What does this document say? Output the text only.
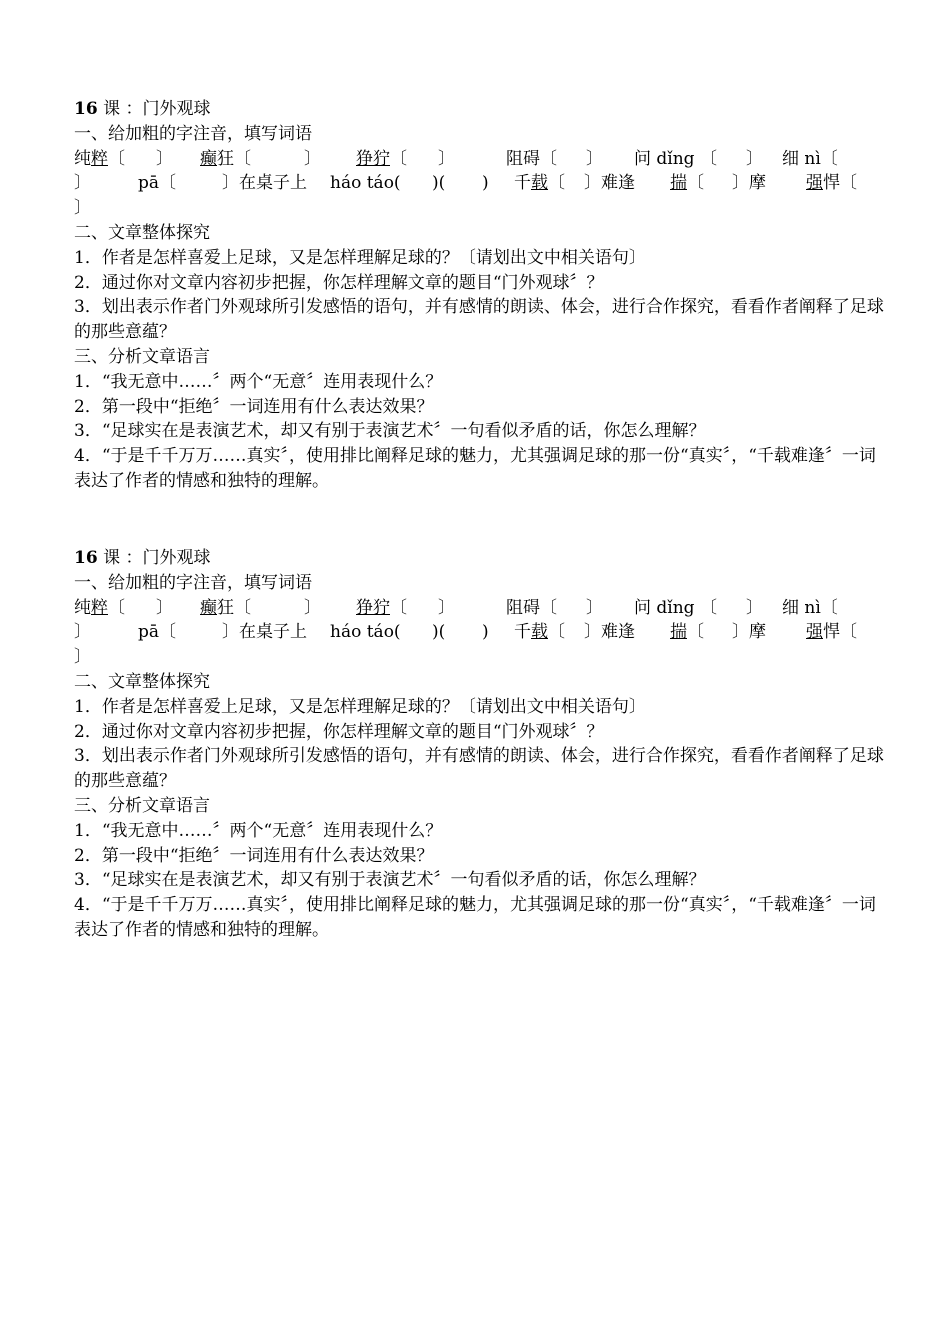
16 课 ：门外观球
一、给加粗的字注音，填写词语
纯粹〔 〕 癫狂〔	〕 狰狞〔 〕	阻碍〔 〕 问 dǐng 〔 〕 细 nì〔
〕	pā〔	〕在桌子上 háo táo( )( ) 千载〔 〕难逢 揣〔 〕摩 强悍〔
〕
二、文章整体探究
1．作者是怎样喜爱上足球，又是怎样理解足球的？〔请划出文中相关语句〕
2．通过你对文章内容初步把握，你怎样理解文章的题目“门外观球〞？
3．划出表示作者门外观球所引发感悟的语句，并有感情的朗读、体会，进行合作探究，看看作者阐释了足球的那些意蕴？
三、分析文章语言
1．“我无意中……〞两个“无意〞连用表现什么？
2．第一段中“拒绝〞一词连用有什么表达效果？
3．“足球实在是表演艺术，却又有别于表演艺术〞一句看似矛盾的话，你怎么理解？
4．“于是千千万万……真实〞，使用排比阐释足球的魅力，尤其强调足球的那一份“真实〞，“千载难逢〞一词表达了作者的情感和独特的理解。
16 课 ：门外观球
一、给加粗的字注音，填写词语
纯粹〔 〕 癫狂〔	〕 狰狞〔 〕	阻碍〔 〕 问 dǐng 〔 〕 细 nì〔
〕	pā〔	〕在桌子上 háo táo( )( ) 千载〔 〕难逢 揣〔 〕摩 强悍〔
〕
二、文章整体探究
1．作者是怎样喜爱上足球，又是怎样理解足球的？〔请划出文中相关语句〕
2．通过你对文章内容初步把握，你怎样理解文章的题目“门外观球〞？
3．划出表示作者门外观球所引发感悟的语句，并有感情的朗读、体会，进行合作探究，看看作者阐释了足球的那些意蕴？
三、分析文章语言
1．“我无意中……〞两个“无意〞连用表现什么？
2．第一段中“拒绝〞一词连用有什么表达效果？
3．“足球实在是表演艺术，却又有别于表演艺术〞一句看似矛盾的话，你怎么理解？
4．“于是千千万万……真实〞，使用排比阐释足球的魅力，尤其强调足球的那一份“真实〞，“千载难逢〞一词表达了作者的情感和独特的理解。
